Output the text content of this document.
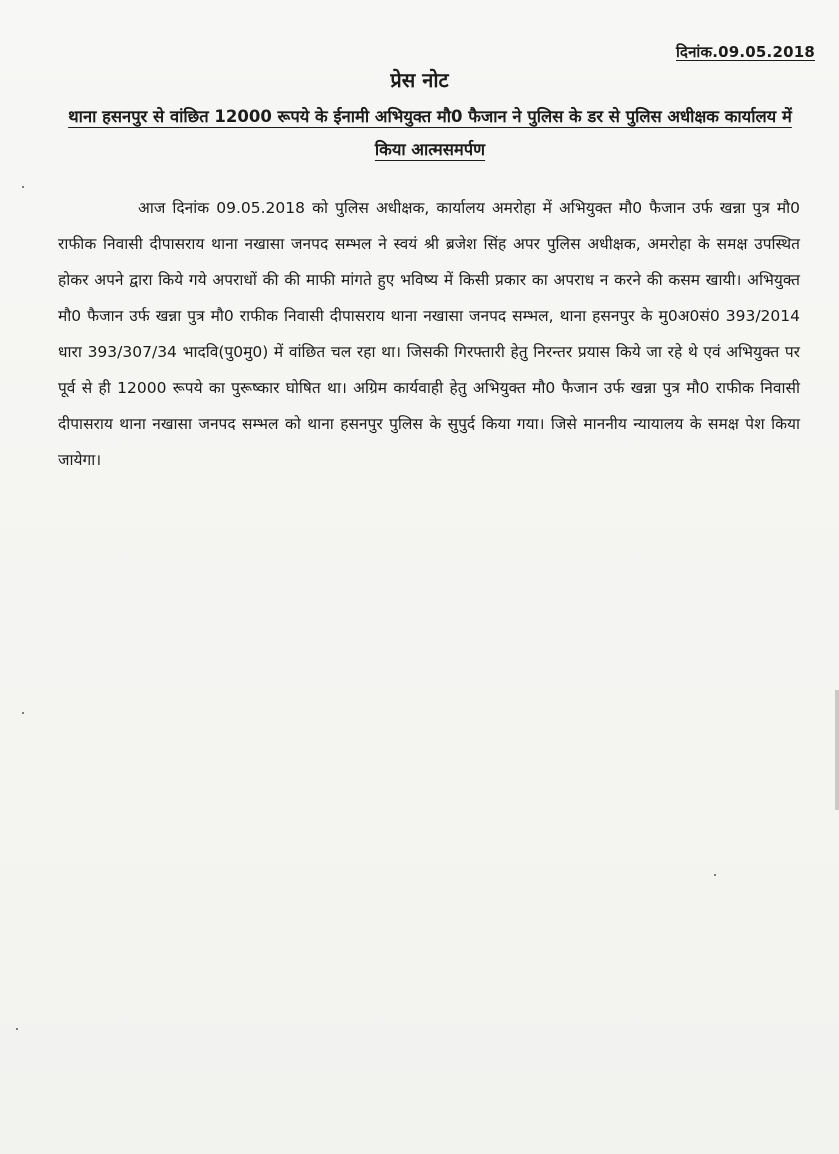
दिनांक.09.05.2018
प्रेस नोट
थाना हसनपुर से वांछित 12000 रूपये के ईनामी अभियुक्त मौ0 फैजान ने पुलिस के डर से पुलिस अधीक्षक कार्यालय में किया आत्मसमर्पण
आज दिनांक 09.05.2018 को पुलिस अधीक्षक, कार्यालय अमरोहा में अभियुक्त मौ0 फैजान उर्फ खन्ना पुत्र मौ0 राफीक निवासी दीपासराय थाना नखासा जनपद सम्भल ने स्वयं श्री ब्रजेश सिंह अपर पुलिस अधीक्षक, अमरोहा के समक्ष उपस्थित होकर अपने द्वारा किये गये अपराधों की की माफी मांगते हुए भविष्य में किसी प्रकार का अपराध न करने की कसम खायी। अभियुक्त मौ0 फैजान उर्फ खन्ना पुत्र मौ0 राफीक निवासी दीपासराय थाना नखासा जनपद सम्भल, थाना हसनपुर के मु0अ0सं0 393/2014 धारा 393/307/34 भादवि(पु0मु0) में वांछित चल रहा था। जिसकी गिरफ्तारी हेतु निरन्तर प्रयास किये जा रहे थे एवं अभियुक्त पर पूर्व से ही 12000 रूपये का पुरूष्कार घोषित था। अग्रिम कार्यवाही हेतु अभियुक्त मौ0 फैजान उर्फ खन्ना पुत्र मौ0 राफीक निवासी दीपासराय थाना नखासा जनपद सम्भल को थाना हसनपुर पुलिस के सुपुर्द किया गया। जिसे माननीय न्यायालय के समक्ष पेश किया जायेगा।
